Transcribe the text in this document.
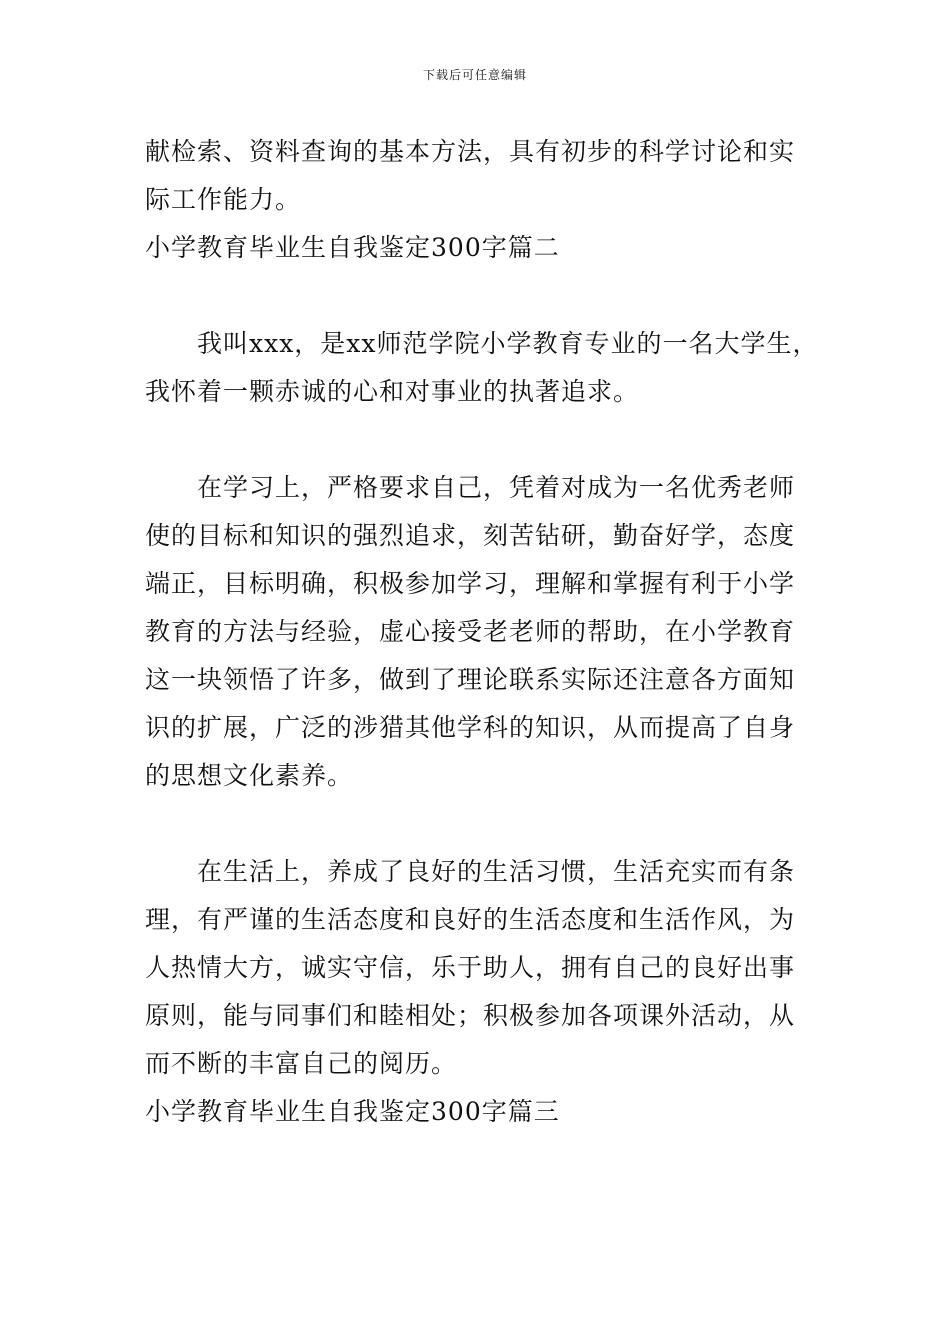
下载后可任意编辑
献检索、资料查询的基本方法，具有初步的科学讨论和实
际工作能力。
小学教育毕业生自我鉴定300字篇二
我叫xxx，是xx师范学院小学教育专业的一名大学生，
我怀着一颗赤诚的心和对事业的执著追求。
在学习上，严格要求自己，凭着对成为一名优秀老师
使的目标和知识的强烈追求，刻苦钻研，勤奋好学，态度
端正，目标明确，积极参加学习，理解和掌握有利于小学
教育的方法与经验，虚心接受老老师的帮助，在小学教育
这一块领悟了许多，做到了理论联系实际还注意各方面知
识的扩展，广泛的涉猎其他学科的知识，从而提高了自身
的思想文化素养。
在生活上，养成了良好的生活习惯，生活充实而有条
理，有严谨的生活态度和良好的生活态度和生活作风，为
人热情大方，诚实守信，乐于助人，拥有自己的良好出事
原则，能与同事们和睦相处；积极参加各项课外活动，从
而不断的丰富自己的阅历。
小学教育毕业生自我鉴定300字篇三
